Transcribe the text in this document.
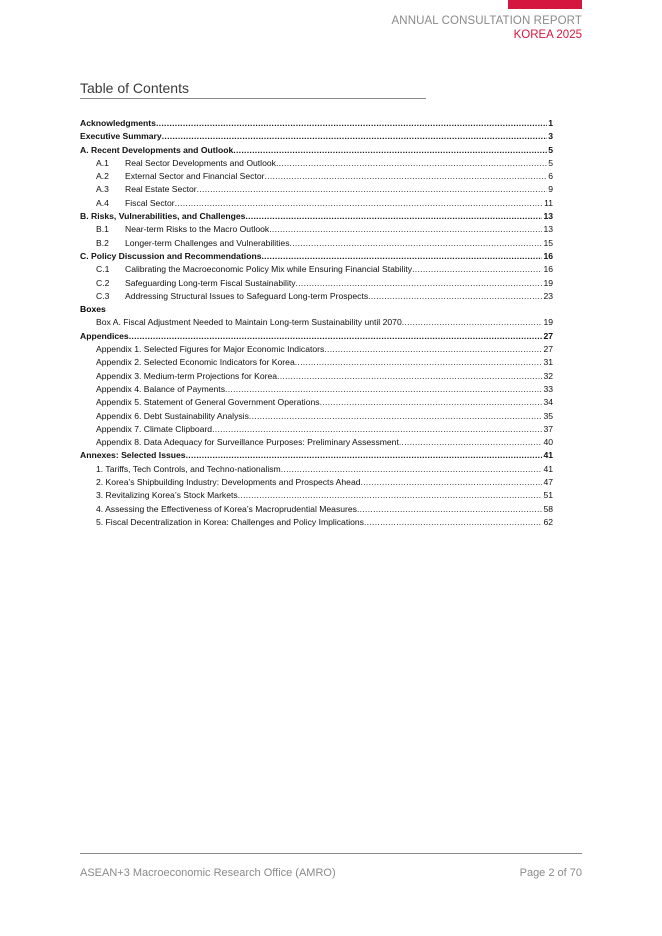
ANNUAL CONSULTATION REPORT
KOREA 2025
Table of Contents
Acknowledgments .....	1
Executive Summary .....	3
A. Recent Developments and Outlook .....	5
A.1 Real Sector Developments and Outlook .....	5
A.2 External Sector and Financial Sector .....	6
A.3 Real Estate Sector .....	9
A.4 Fiscal Sector .....	11
B. Risks, Vulnerabilities, and Challenges .....	13
B.1 Near-term Risks to the Macro Outlook .....	13
B.2 Longer-term Challenges and Vulnerabilities .....	15
C. Policy Discussion and Recommendations .....	16
C.1 Calibrating the Macroeconomic Policy Mix while Ensuring Financial Stability .....	16
C.2 Safeguarding Long-term Fiscal Sustainability .....	19
C.3 Addressing Structural Issues to Safeguard Long-term Prospects .....	23
Boxes
Box A. Fiscal Adjustment Needed to Maintain Long-term Sustainability until 2070 .....	19
Appendices .....	27
Appendix 1. Selected Figures for Major Economic Indicators .....	27
Appendix 2. Selected Economic Indicators for Korea .....	31
Appendix 3. Medium-term Projections for Korea .....	32
Appendix 4. Balance of Payments .....	33
Appendix 5. Statement of General Government Operations .....	34
Appendix 6. Debt Sustainability Analysis .....	35
Appendix 7. Climate Clipboard .....	37
Appendix 8. Data Adequacy for Surveillance Purposes: Preliminary Assessment .....	40
Annexes: Selected Issues .....	41
1. Tariffs, Tech Controls, and Techno-nationalism .....	41
2. Korea’s Shipbuilding Industry: Developments and Prospects Ahead .....	47
3. Revitalizing Korea’s Stock Markets .....	51
4. Assessing the Effectiveness of Korea’s Macroprudential Measures .....	58
5. Fiscal Decentralization in Korea: Challenges and Policy Implications .....	62
ASEAN+3 Macroeconomic Research Office (AMRO)	Page 2 of 70
